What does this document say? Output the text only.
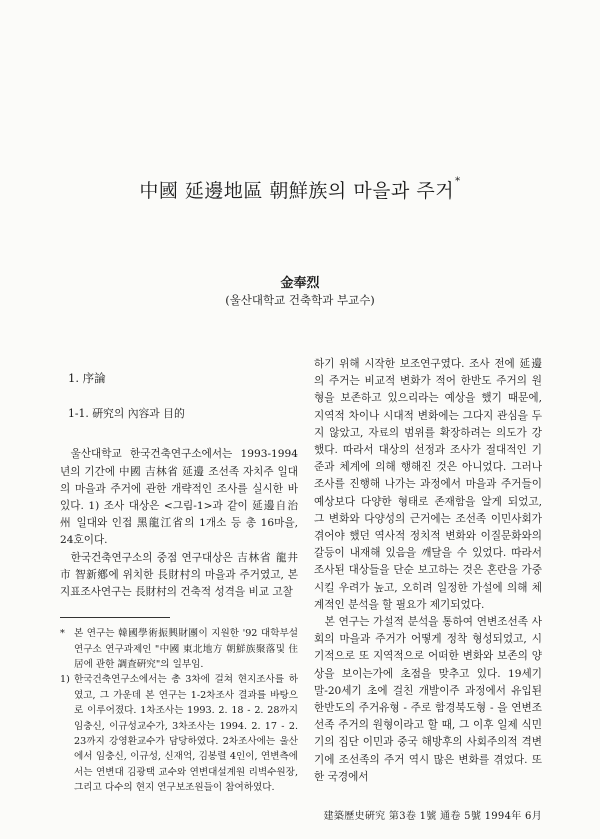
中國 延邊地區 朝鮮族의 마을과 주거*
金奉烈
(울산대학교 건축학과 부교수)

1. 序論

1-1. 硏究의 內容과 目的

울산대학교 한국건축연구소에서는 1993-1994년의 기간에 中國 吉林省 延邊 조선족 자치주 일대의 마을과 주거에 관한 개략적인 조사를 실시한 바 있다. 1) 조사 대상은 <그림-1>과 같이 延邊自治州 일대와 인접 黑龍江省의 1개소 등 총 16마을, 24호이다.

한국건축연구소의 중점 연구대상은 吉林省 龍井市 智新鄕에 위치한 長財村의 마을과 주거였고, 본 지표조사연구는 長財村의 건축적 성격을 비교 고찰

* 본 연구는 韓國學術振興財團이 지원한 '92 대학부설연구소 연구과제인 "中國 東北地方 朝鮮族聚落및 住居에 관한 調査硏究"의 일부임.
1) 한국건축연구소에서는 총 3차에 걸쳐 현지조사를 하였고, 그 가운데 본 연구는 1-2차조사 결과를 바탕으로 이루어졌다. 1차조사는 1993. 2. 18 - 2. 28까지 임충신, 이규성교수가, 3차조사는 1994. 2. 17 - 2. 23까지 강영환교수가 담당하였다. 2차조사에는 울산에서 임충신, 이규성, 신재억, 김봉렬 4인이, 연변측에서는 연변대 김광택 교수와 연변대설계원 리벽수원장, 그리고 다수의 현지 연구보조원들이 참여하였다.

하기 위해 시작한 보조연구였다. 조사 전에 延邊의 주거는 비교적 변화가 적어 한반도 주거의 원형을 보존하고 있으리라는 예상을 했기 때문에, 지역적 차이나 시대적 변화에는 그다지 관심을 두지 않았고, 자료의 범위를 확장하려는 의도가 강했다. 따라서 대상의 선정과 조사가 절대적인 기준과 체계에 의해 행해진 것은 아니었다. 그러나 조사를 진행해 나가는 과정에서 마을과 주거들이 예상보다 다양한 형태로 존재함을 알게 되었고, 그 변화와 다양성의 근거에는 조선족 이민사회가 겪어야 했던 역사적 정치적 변화와 이질문화와의 갈등이 내재해 있음을 깨달을 수 있었다. 따라서 조사된 대상들을 단순 보고하는 것은 혼란을 가중시킬 우려가 높고, 오히려 일정한 가설에 의해 체계적인 분석을 할 필요가 제기되었다.

본 연구는 가설적 분석을 통하여 연변조선족 사회의 마을과 주거가 어떻게 정착 형성되었고, 시기적으로 또 지역적으로 어떠한 변화와 보존의 양상을 보이는가에 초점을 맞추고 있다. 19세기말-20세기 초에 걸친 개발이주 과정에서 유입된 한반도의 주거유형 - 주로 함경북도형 - 을 연변조선족 주거의 원형이라고 할 때, 그 이후 일제 식민기의 집단 이민과 중국 해방후의 사회주의적 격변기에 조선족의 주거 역시 많은 변화를 겪었다. 또한 국경에서

建築歷史硏究 第3卷 1號 通卷 5號 1994年 6月
